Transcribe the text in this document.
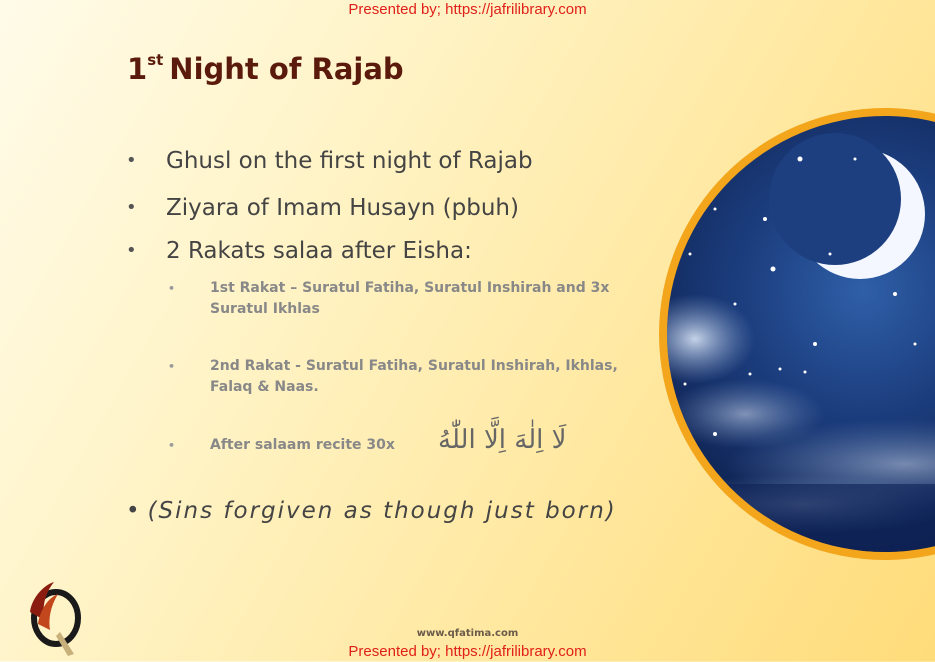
Presented by; https://jafrilibrary.com
1st Night of Rajab
• Ghusl on the first night of Rajab
• Ziyara of Imam Husayn (pbuh)
• 2 Rakats salaa after Eisha:
• 1st Rakat – Suratul Fatiha, Suratul Inshirah and 3x Suratul Ikhlas
• 2nd Rakat - Suratul Fatiha, Suratul Inshirah, Ikhlas, Falaq & Naas.
• After salaam recite 30x	لَا اِلٰهَ اِلَّا اللّٰهُ
• (Sins forgiven as though just born)
www.qfatima.com
Presented by; https://jafrilibrary.com
